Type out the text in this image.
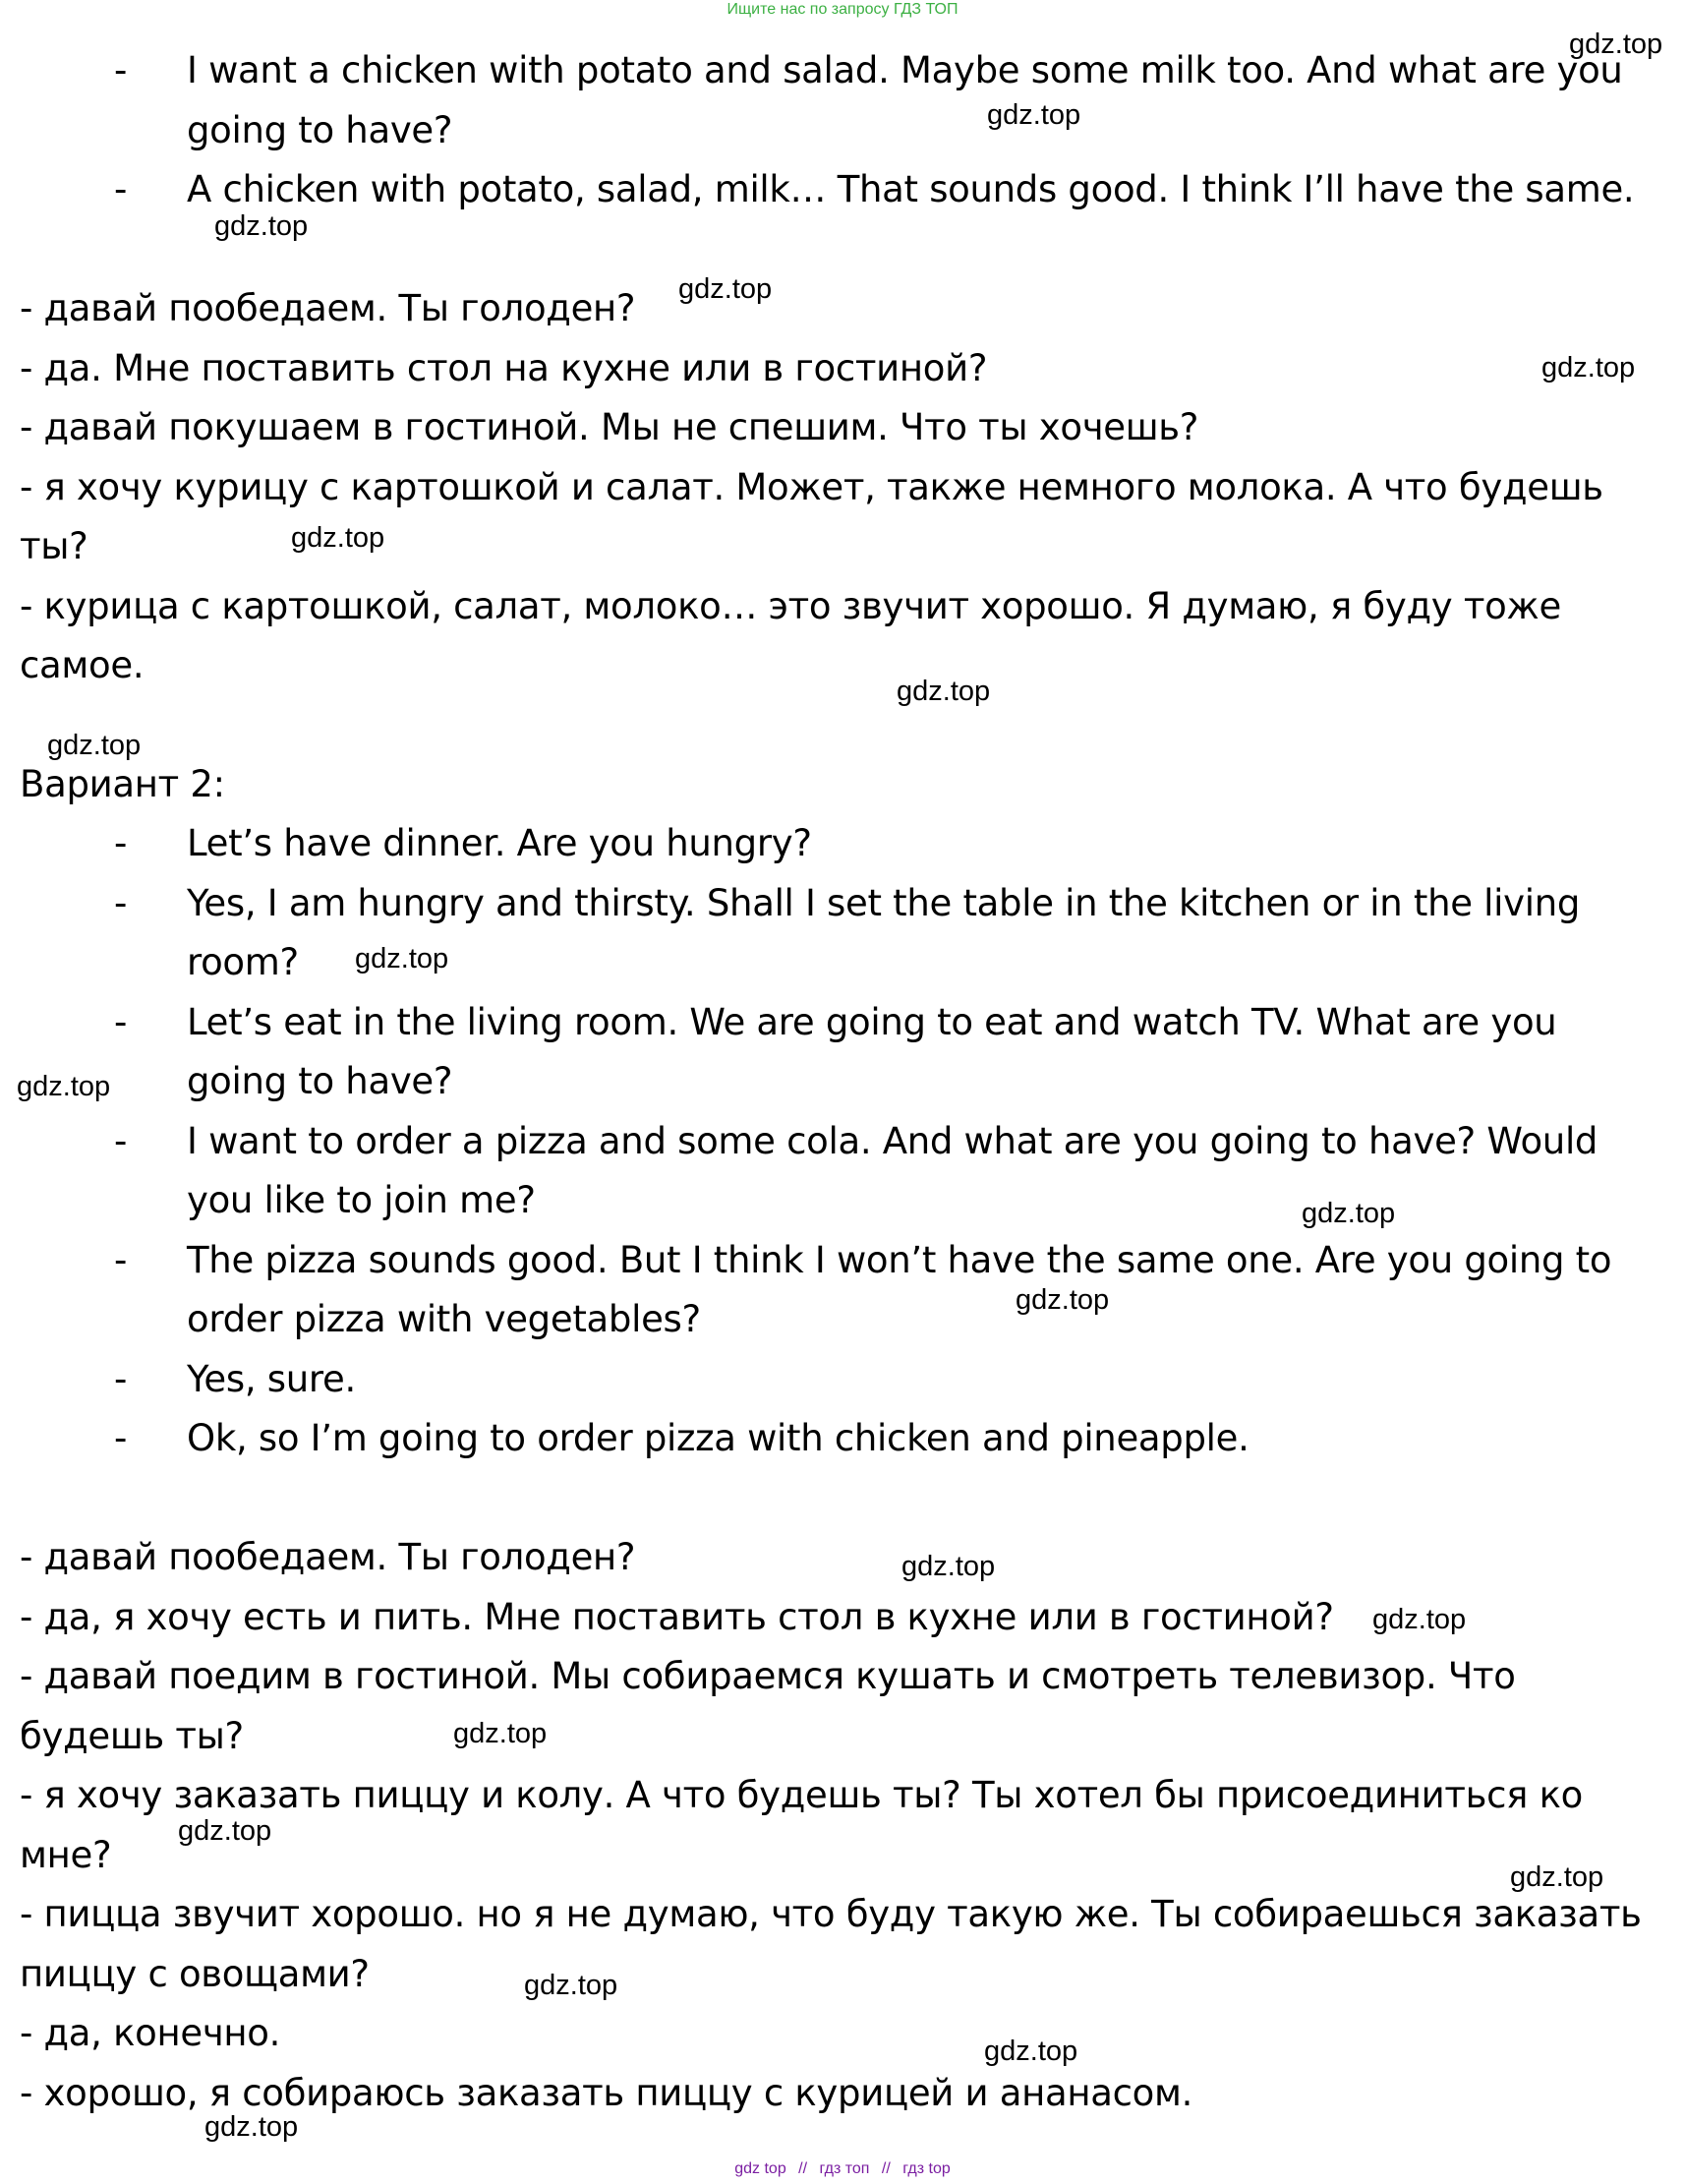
Ищите нас по запросу ГДЗ ТОП
-	I want a chicken with potato and salad. Maybe some milk too. And what are you
going to have?
-	A chicken with potato, salad, milk… That sounds good. I think I’ll have the same.
- давай пообедаем. Ты голоден?
- да. Мне поставить стол на кухне или в гостиной?
- давай покушаем в гостиной. Мы не спешим. Что ты хочешь?
- я хочу курицу с картошкой и салат. Может, также немного молока. А что будешь
ты?
- курица с картошкой, салат, молоко… это звучит хорошо. Я думаю, я буду тоже
самое.
Вариант 2:
-	Let’s have dinner. Are you hungry?
-	Yes, I am hungry and thirsty. Shall I set the table in the kitchen or in the living
room?
-	Let’s eat in the living room. We are going to eat and watch TV. What are you
going to have?
-	I want to order a pizza and some cola. And what are you going to have? Would
you like to join me?
-	The pizza sounds good. But I think I won’t have the same one. Are you going to
order pizza with vegetables?
-	Yes, sure.
-	Ok, so I’m going to order pizza with chicken and pineapple.
- давай пообедаем. Ты голоден?
- да, я хочу есть и пить. Мне поставить стол в кухне или в гостиной?
- давай поедим в гостиной. Мы собираемся кушать и смотреть телевизор. Что
будешь ты?
- я хочу заказать пиццу и колу. А что будешь ты? Ты хотел бы присоединиться ко
мне?
- пицца звучит хорошо. но я не думаю, что буду такую же. Ты собираешься заказать
пиццу с овощами?
- да, конечно.
- хорошо, я собираюсь заказать пиццу с курицей и ананасом.
gdz.top
gdz.top
gdz.top
gdz.top
gdz.top
gdz.top
gdz.top
gdz.top
gdz.top
gdz.top
gdz.top
gdz.top
gdz.top
gdz.top
gdz.top
gdz.top
gdz.top
gdz.top
gdz.top
gdz.top
gdz top // гдз топ // гдз top
